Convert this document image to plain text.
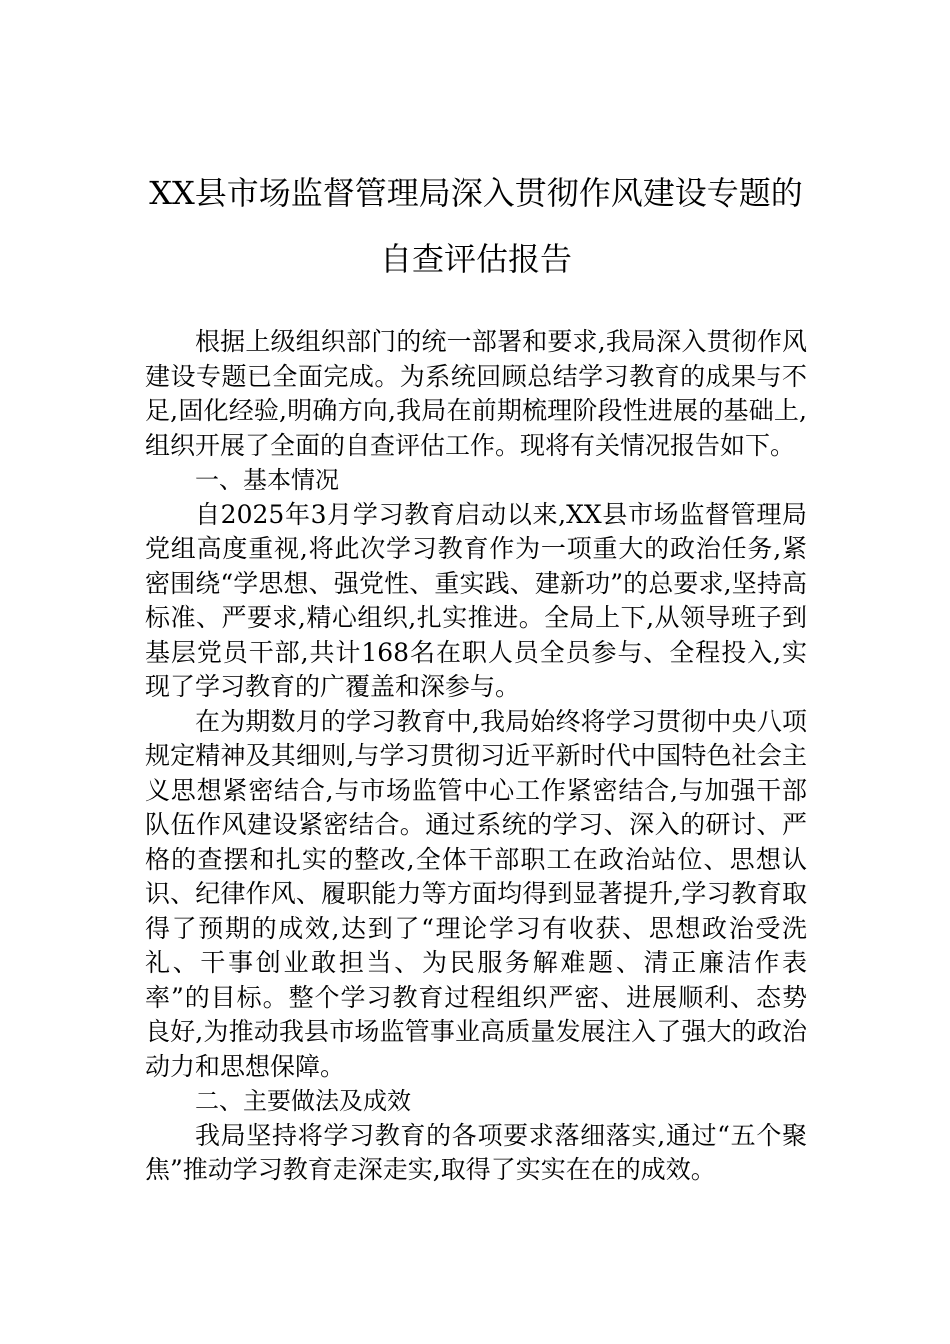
XX县市场监督管理局深入贯彻作风建设专题的自查评估报告

根据上级组织部门的统一部署和要求,我局深入贯彻作风建设专题已全面完成。为系统回顾总结学习教育的成果与不足,固化经验,明确方向,我局在前期梳理阶段性进展的基础上,组织开展了全面的自查评估工作。现将有关情况报告如下。

一、基本情况

自2025年3月学习教育启动以来,XX县市场监督管理局党组高度重视,将此次学习教育作为一项重大的政治任务,紧密围绕“学思想、强党性、重实践、建新功”的总要求,坚持高标准、严要求,精心组织,扎实推进。全局上下,从领导班子到基层党员干部,共计168名在职人员全员参与、全程投入,实现了学习教育的广覆盖和深参与。

在为期数月的学习教育中,我局始终将学习贯彻中央八项规定精神及其细则,与学习贯彻习近平新时代中国特色社会主义思想紧密结合,与市场监管中心工作紧密结合,与加强干部队伍作风建设紧密结合。通过系统的学习、深入的研讨、严格的查摆和扎实的整改,全体干部职工在政治站位、思想认识、纪律作风、履职能力等方面均得到显著提升,学习教育取得了预期的成效,达到了“理论学习有收获、思想政治受洗礼、干事创业敢担当、为民服务解难题、清正廉洁作表率”的目标。整个学习教育过程组织严密、进展顺利、态势良好,为推动我县市场监管事业高质量发展注入了强大的政治动力和思想保障。

二、主要做法及成效

我局坚持将学习教育的各项要求落细落实,通过“五个聚焦”推动学习教育走深走实,取得了实实在在的成效。
